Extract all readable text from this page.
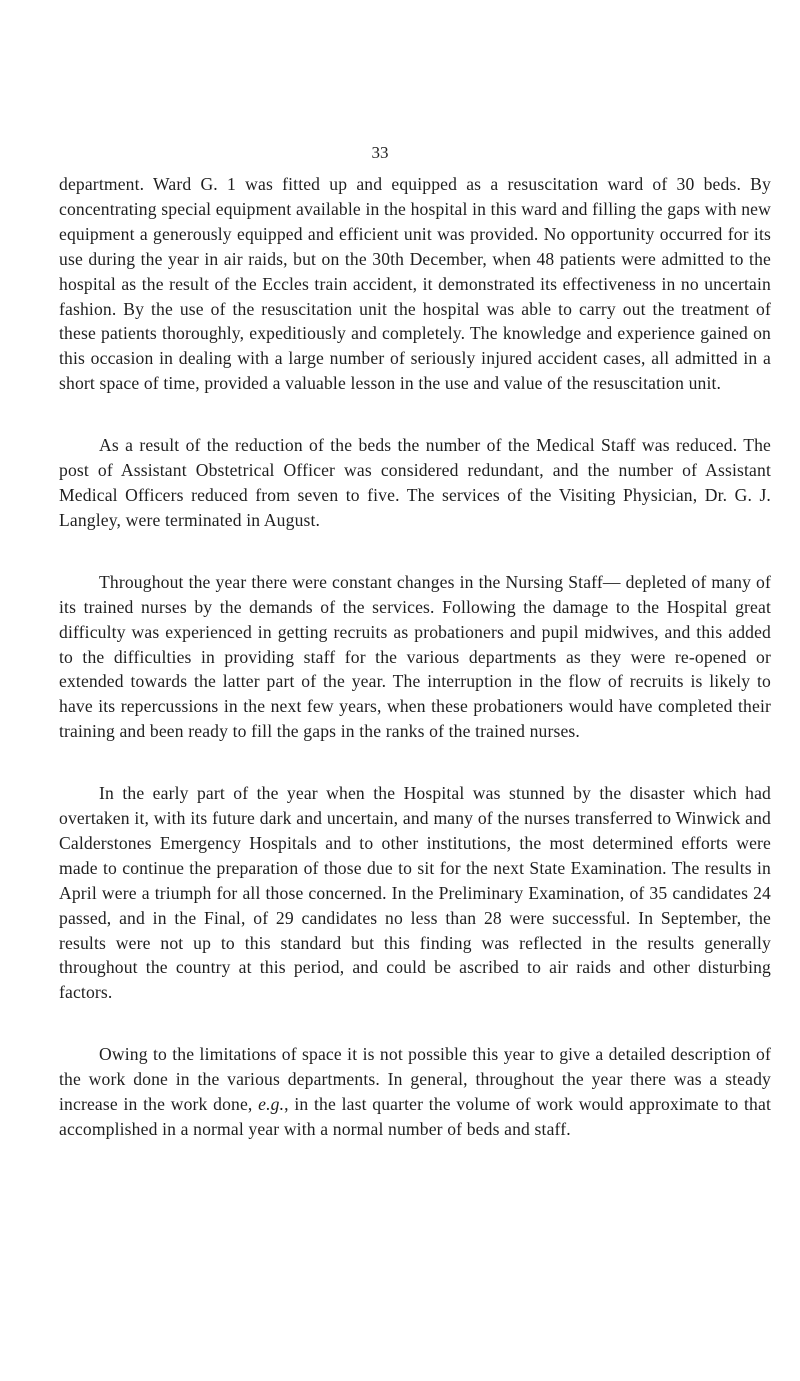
33

department. Ward G. 1 was fitted up and equipped as a resuscitation ward of 30 beds. By concentrating special equipment available in the hospital in this ward and filling the gaps with new equipment a generously equipped and efficient unit was provided. No opportunity occurred for its use during the year in air raids, but on the 30th December, when 48 patients were admitted to the hospital as the result of the Eccles train accident, it demonstrated its effectiveness in no uncertain fashion. By the use of the resuscitation unit the hospital was able to carry out the treatment of these patients thoroughly, expeditiously and completely. The knowledge and experience gained on this occasion in dealing with a large number of seriously injured accident cases, all admitted in a short space of time, provided a valuable lesson in the use and value of the resuscitation unit.

As a result of the reduction of the beds the number of the Medical Staff was reduced. The post of Assistant Obstetrical Officer was considered redundant, and the number of Assistant Medical Officers reduced from seven to five. The services of the Visiting Physician, Dr. G. J. Langley, were terminated in August.

Throughout the year there were constant changes in the Nursing Staff— depleted of many of its trained nurses by the demands of the services. Following the damage to the Hospital great difficulty was experienced in getting recruits as probationers and pupil midwives, and this added to the difficulties in providing staff for the various departments as they were re-opened or extended towards the latter part of the year. The interruption in the flow of recruits is likely to have its repercussions in the next few years, when these probationers would have completed their training and been ready to fill the gaps in the ranks of the trained nurses.

In the early part of the year when the Hospital was stunned by the disaster which had overtaken it, with its future dark and uncertain, and many of the nurses transferred to Winwick and Calderstones Emergency Hospitals and to other institutions, the most determined efforts were made to continue the preparation of those due to sit for the next State Examination. The results in April were a triumph for all those concerned. In the Preliminary Examination, of 35 candidates 24 passed, and in the Final, of 29 candidates no less than 28 were successful. In September, the results were not up to this standard but this finding was reflected in the results generally throughout the country at this period, and could be ascribed to air raids and other disturbing factors.

Owing to the limitations of space it is not possible this year to give a detailed description of the work done in the various departments. In general, throughout the year there was a steady increase in the work done, e.g., in the last quarter the volume of work would approximate to that accomplished in a normal year with a normal number of beds and staff.
